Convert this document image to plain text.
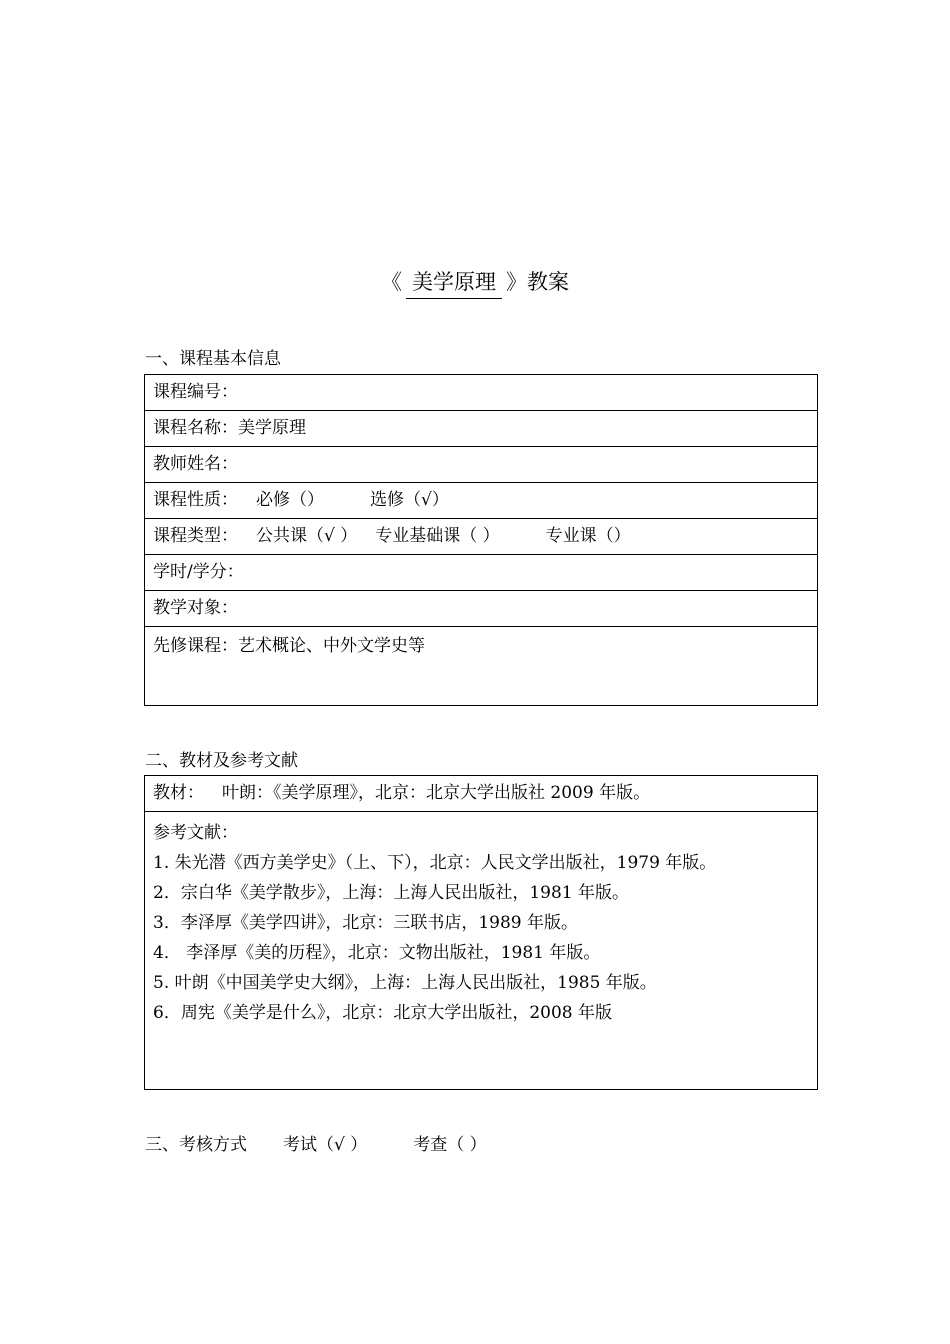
《 美学原理 》教案
一、课程基本信息
课程编号：
课程名称：美学原理
教师姓名：
课程性质： 必修（）	选修（√）
课程类型： 公共课（√ ） 专业基础课（ ）	专业课（）
学时/学分：
教学对象：
先修课程：艺术概论、中外文学史等
二、教材及参考文献
教材： 叶朗：《美学原理》，北京：北京大学出版社 2009 年版。
参考文献：
1. 朱光潜《西方美学史》（上、下），北京：人民文学出版社，1979 年版。
2．宗白华《美学散步》，上海：上海人民出版社，1981 年版。
3．李泽厚《美学四讲》，北京：三联书店，1989 年版。
4． 李泽厚《美的历程》，北京：文物出版社，1981 年版。
5. 叶朗《中国美学史大纲》，上海：上海人民出版社，1985 年版。
6．周宪《美学是什么》，北京：北京大学出版社，2008 年版
三、考核方式 考试（√ ）	考查（ ）
